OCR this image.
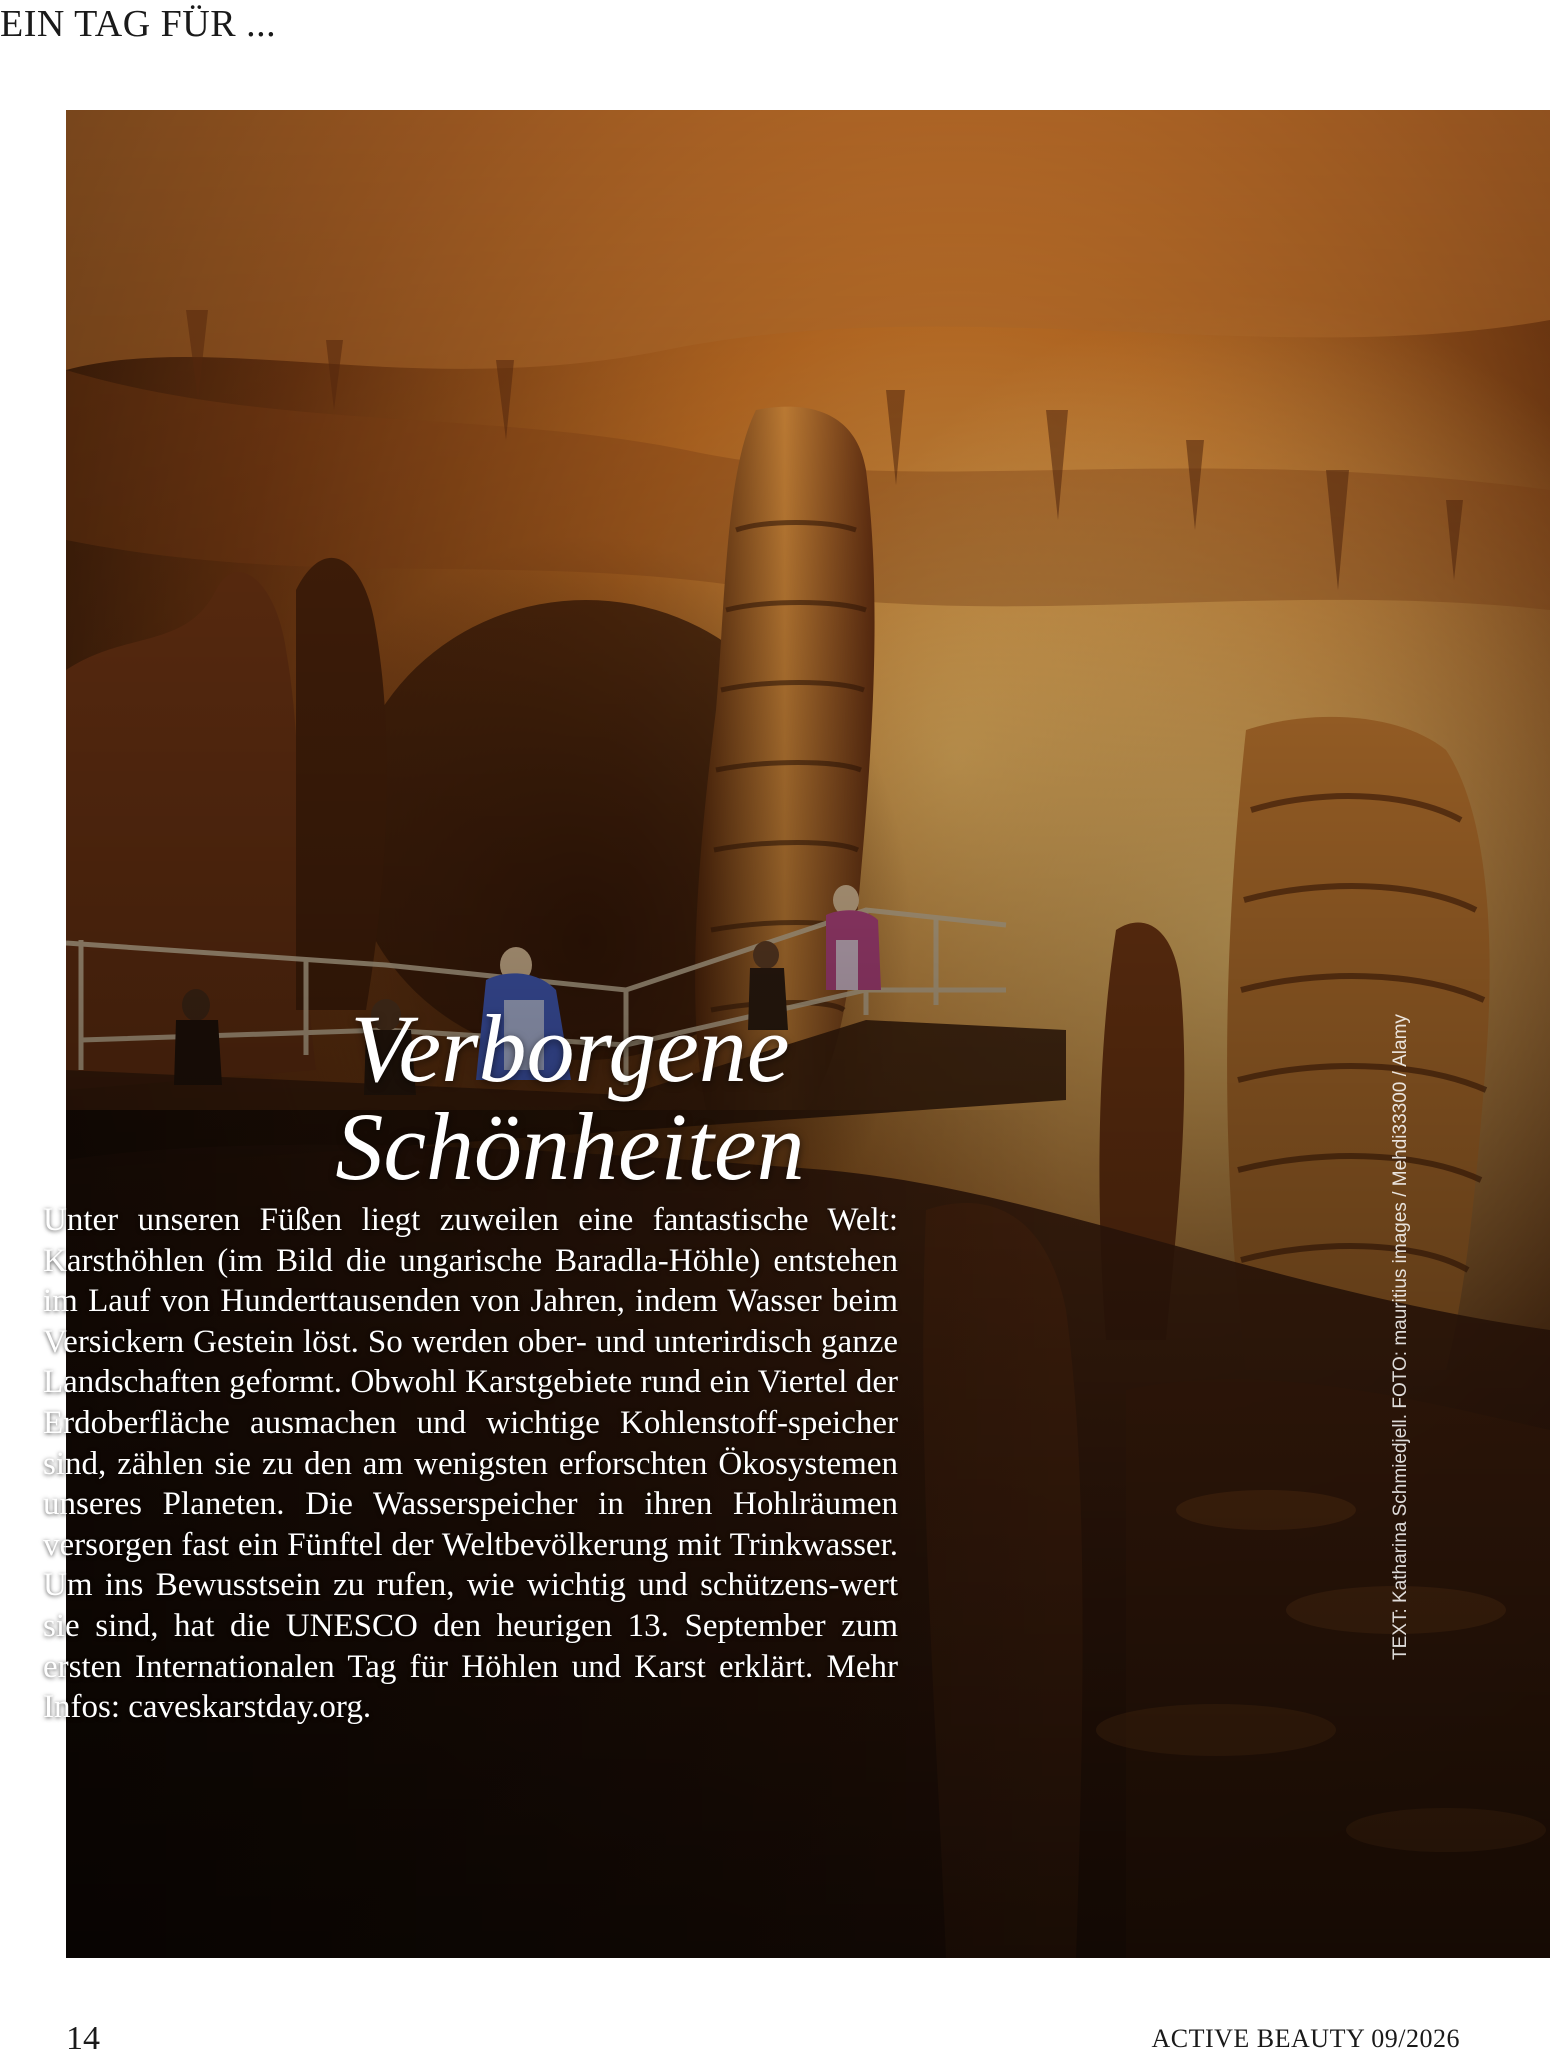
EIN TAG FÜR ...
Verborgene
Schönheiten
Unter unseren Füßen liegt zuweilen eine fantastische Welt: Karsthöhlen (im Bild die ungarische Baradla-Höhle) entstehen im Lauf von Hunderttausenden von Jahren, indem Wasser beim Versickern Gestein löst. So werden ober- und unterirdisch ganze Landschaften geformt. Obwohl Karstgebiete rund ein Viertel der Erdoberfläche ausmachen und wichtige Kohlenstoff-speicher sind, zählen sie zu den am wenigsten erforschten Ökosystemen unseres Planeten. Die Wasserspeicher in ihren Hohlräumen versorgen fast ein Fünftel der Weltbevölkerung mit Trinkwasser. Um ins Bewusstsein zu rufen, wie wichtig und schützens-wert sie sind, hat die UNESCO den heurigen 13. September zum ersten Internationalen Tag für Höhlen und Karst erklärt. Mehr Infos: caveskarstday.org.
TEXT: Katharina Schmiedjell. FOTO: mauritius images / Mehdi33300 / Alamy
14	ACTIVE BEAUTY 09/2026
